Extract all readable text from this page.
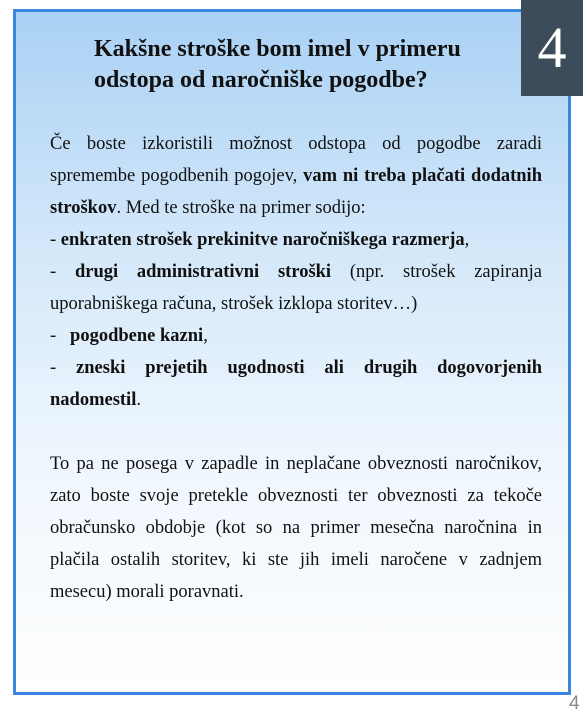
4
Kakšne stroške bom imel v primeru
odstopa od naročniške pogodbe?

Če boste izkoristili možnost odstopa od pogodbe zaradi spremembe pogodbenih pogojev, vam ni treba plačati dodatnih stroškov. Med te stroške na primer sodijo:

- enkraten strošek prekinitve naročniškega razmerja,

- drugi administrativni stroški (npr. strošek zapiranja uporabniškega računa, strošek izklopa storitev…)

-   pogodbene kazni,

- zneski prejetih ugodnosti ali drugih dogovorjenih nadomestil.

To pa ne posega v zapadle in neplačane obveznosti naročnikov, zato boste svoje pretekle obveznosti ter obveznosti za tekoče obračunsko obdobje (kot so na primer mesečna naročnina in plačila ostalih storitev, ki ste jih imeli naročene v zadnjem mesecu) morali poravnati.

4
